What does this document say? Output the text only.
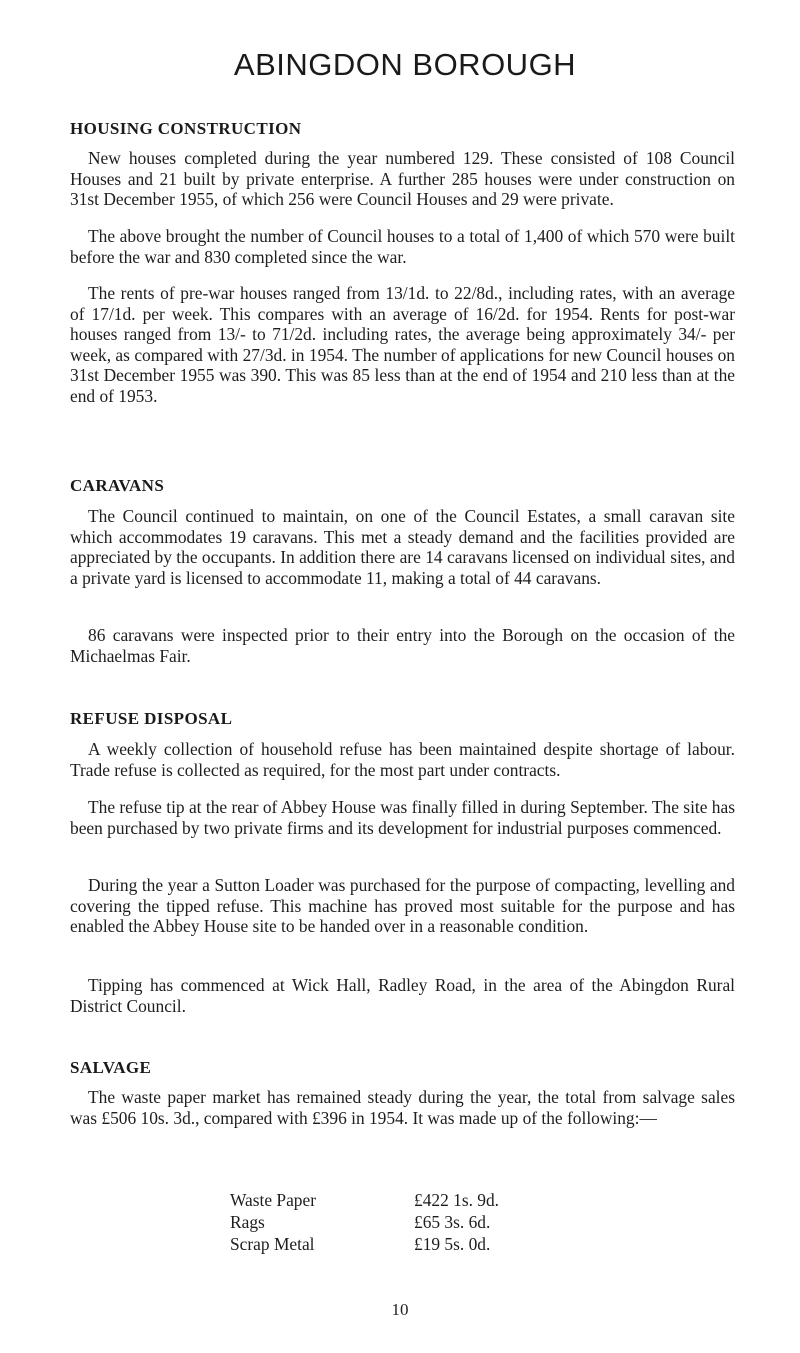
ABINGDON BOROUGH
HOUSING CONSTRUCTION

New houses completed during the year numbered 129. These consisted of 108 Council Houses and 21 built by private enterprise. A further 285 houses were under construction on 31st December 1955, of which 256 were Council Houses and 29 were private.

The above brought the number of Council houses to a total of 1,400 of which 570 were built before the war and 830 completed since the war.

The rents of pre-war houses ranged from 13/1d. to 22/8d., including rates, with an average of 17/1d. per week. This compares with an average of 16/2d. for 1954. Rents for post-war houses ranged from 13/- to 71/2d. including rates, the average being approximately 34/- per week, as compared with 27/3d. in 1954. The number of applications for new Council houses on 31st December 1955 was 390. This was 85 less than at the end of 1954 and 210 less than at the end of 1953.

CARAVANS

The Council continued to maintain, on one of the Council Estates, a small caravan site which accommodates 19 caravans. This met a steady demand and the facilities provided are appreciated by the occupants. In addition there are 14 caravans licensed on individual sites, and a private yard is licensed to accommodate 11, making a total of 44 caravans.

86 caravans were inspected prior to their entry into the Borough on the occasion of the Michaelmas Fair.

REFUSE DISPOSAL

A weekly collection of household refuse has been maintained despite shortage of labour. Trade refuse is collected as required, for the most part under contracts.

The refuse tip at the rear of Abbey House was finally filled in during September. The site has been purchased by two private firms and its development for industrial purposes commenced.

During the year a Sutton Loader was purchased for the purpose of compacting, levelling and covering the tipped refuse. This machine has proved most suitable for the purpose and has enabled the Abbey House site to be handed over in a reasonable condition.

Tipping has commenced at Wick Hall, Radley Road, in the area of the Abingdon Rural District Council.

SALVAGE

The waste paper market has remained steady during the year, the total from salvage sales was £506 10s. 3d., compared with £396 in 1954. It was made up of the following:—

Waste Paper	£422 1s. 9d.
Rags	£65 3s. 6d.
Scrap Metal	£19 5s. 0d.
10
